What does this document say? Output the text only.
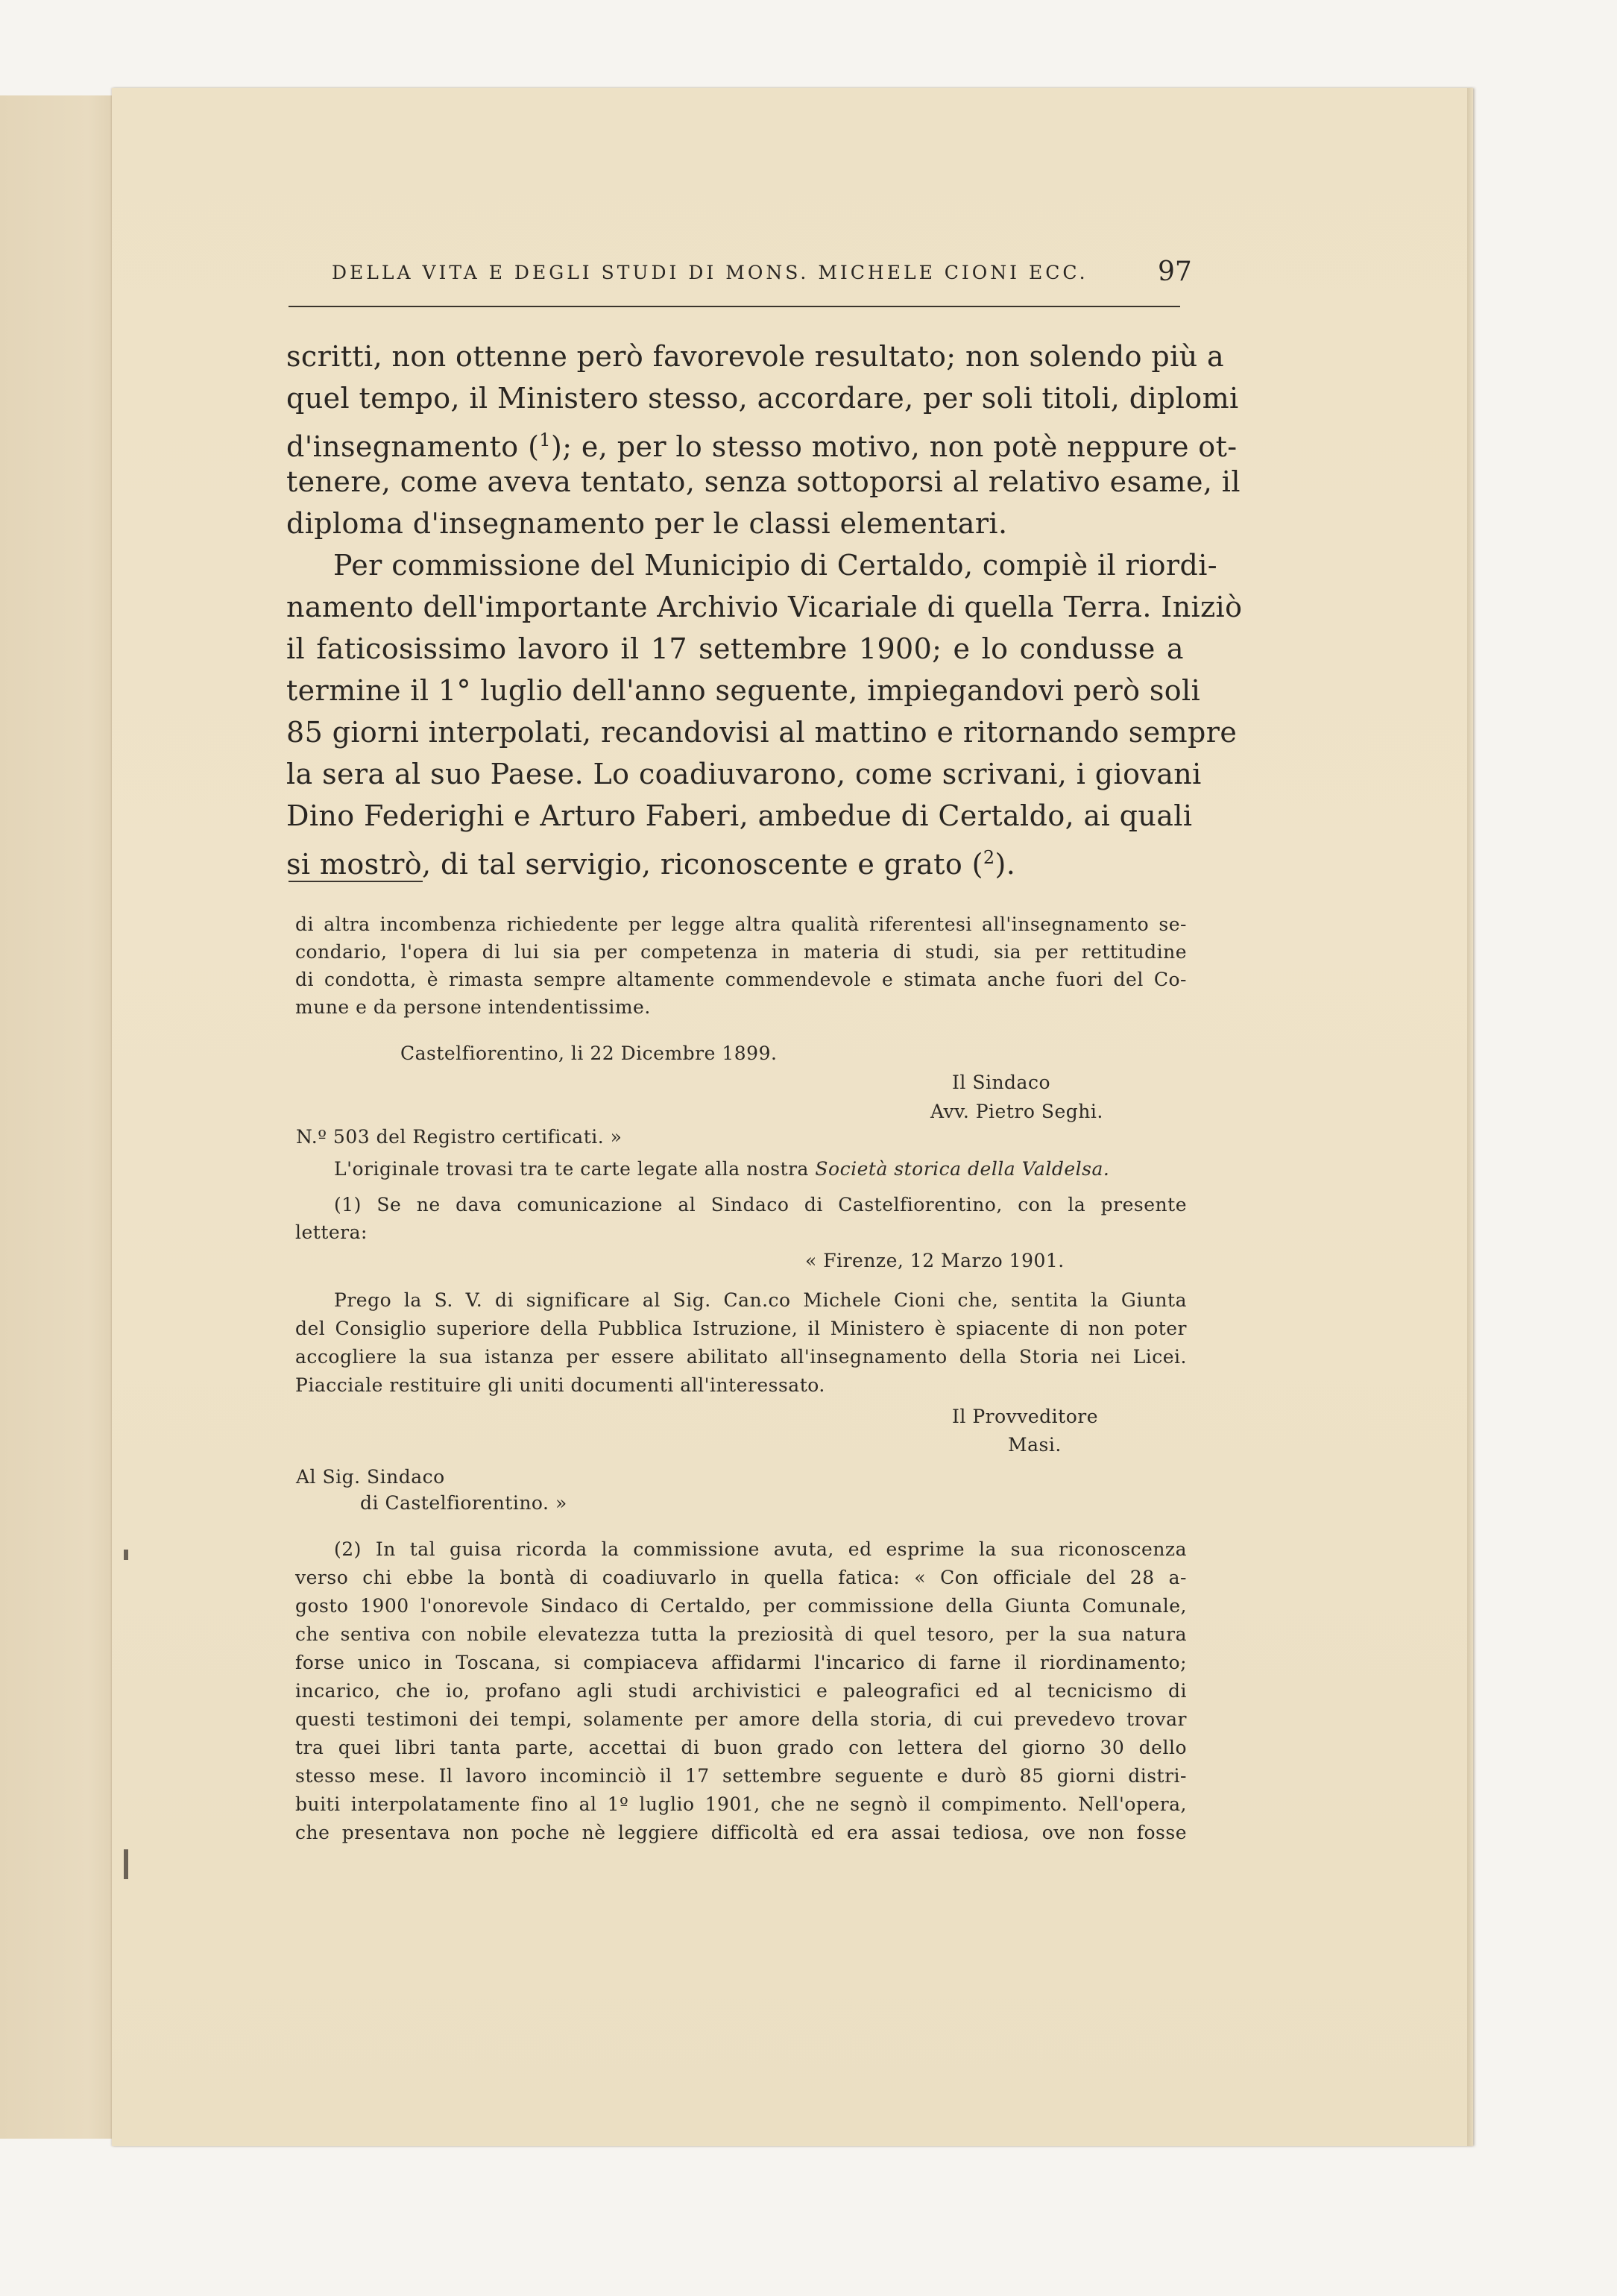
DELLA VITA E DEGLI STUDI DI MONS. MICHELE CIONI ECC.	97
scritti, non ottenne però favorevole resultato; non solendo più a
quel tempo, il Ministero stesso, accordare, per soli titoli, diplomi
d'insegnamento ($^1$); e, per lo stesso motivo, non potè neppure ot-
tenere, come aveva tentato, senza sottoporsi al relativo esame, il
diploma d'insegnamento per le classi elementari.
Per commissione del Municipio di Certaldo, compiè il riordi-
namento dell'importante Archivio Vicariale di quella Terra. Iniziò
il faticosissimo lavoro il 17 settembre 1900; e lo condusse a
termine il 1° luglio dell'anno seguente, impiegandovi però soli
85 giorni interpolati, recandovisi al mattino e ritornando sempre
la sera al suo Paese. Lo coadiuvarono, come scrivani, i giovani
Dino Federighi e Arturo Faberi, ambedue di Certaldo, ai quali
si mostrò, di tal servigio, riconoscente e grato ($^2$).
di altra incombenza richiedente per legge altra qualità riferentesi all'insegnamento se-
condario, l'opera di lui sia per competenza in materia di studi, sia per rettitudine
di condotta, è rimasta sempre altamente commendevole e stimata anche fuori del Co-
mune e da persone intendentissime.
Castelfiorentino, li 22 Dicembre 1899.
Il Sindaco
Avv. Pietro Seghi.
N.º 503 del Registro certificati. »
L'originale trovasi tra te carte legate alla nostra Società storica della Valdelsa.
(1) Se ne dava comunicazione al Sindaco di Castelfiorentino, con la presente
lettera:
« Firenze, 12 Marzo 1901.
Prego la S. V. di significare al Sig. Can.co Michele Cioni che, sentita la Giunta
del Consiglio superiore della Pubblica Istruzione, il Ministero è spiacente di non poter
accogliere la sua istanza per essere abilitato all'insegnamento della Storia nei Licei.
Piacciale restituire gli uniti documenti all'interessato.
Il Provveditore
Masi.
Al Sig. Sindaco
di Castelfiorentino. »
(2) In tal guisa ricorda la commissione avuta, ed esprime la sua riconoscenza
verso chi ebbe la bontà di coadiuvarlo in quella fatica: « Con officiale del 28 a-
gosto 1900 l'onorevole Sindaco di Certaldo, per commissione della Giunta Comunale,
che sentiva con nobile elevatezza tutta la preziosità di quel tesoro, per la sua natura
forse unico in Toscana, si compiaceva affidarmi l'incarico di farne il riordinamento;
incarico, che io, profano agli studi archivistici e paleografici ed al tecnicismo di
questi testimoni dei tempi, solamente per amore della storia, di cui prevedevo trovar
tra quei libri tanta parte, accettai di buon grado con lettera del giorno 30 dello
stesso mese. Il lavoro incominciò il 17 settembre seguente e durò 85 giorni distri-
buiti interpolatamente fino al 1º luglio 1901, che ne segnò il compimento. Nell'opera,
che presentava non poche nè leggiere difficoltà ed era assai tediosa, ove non fosse
